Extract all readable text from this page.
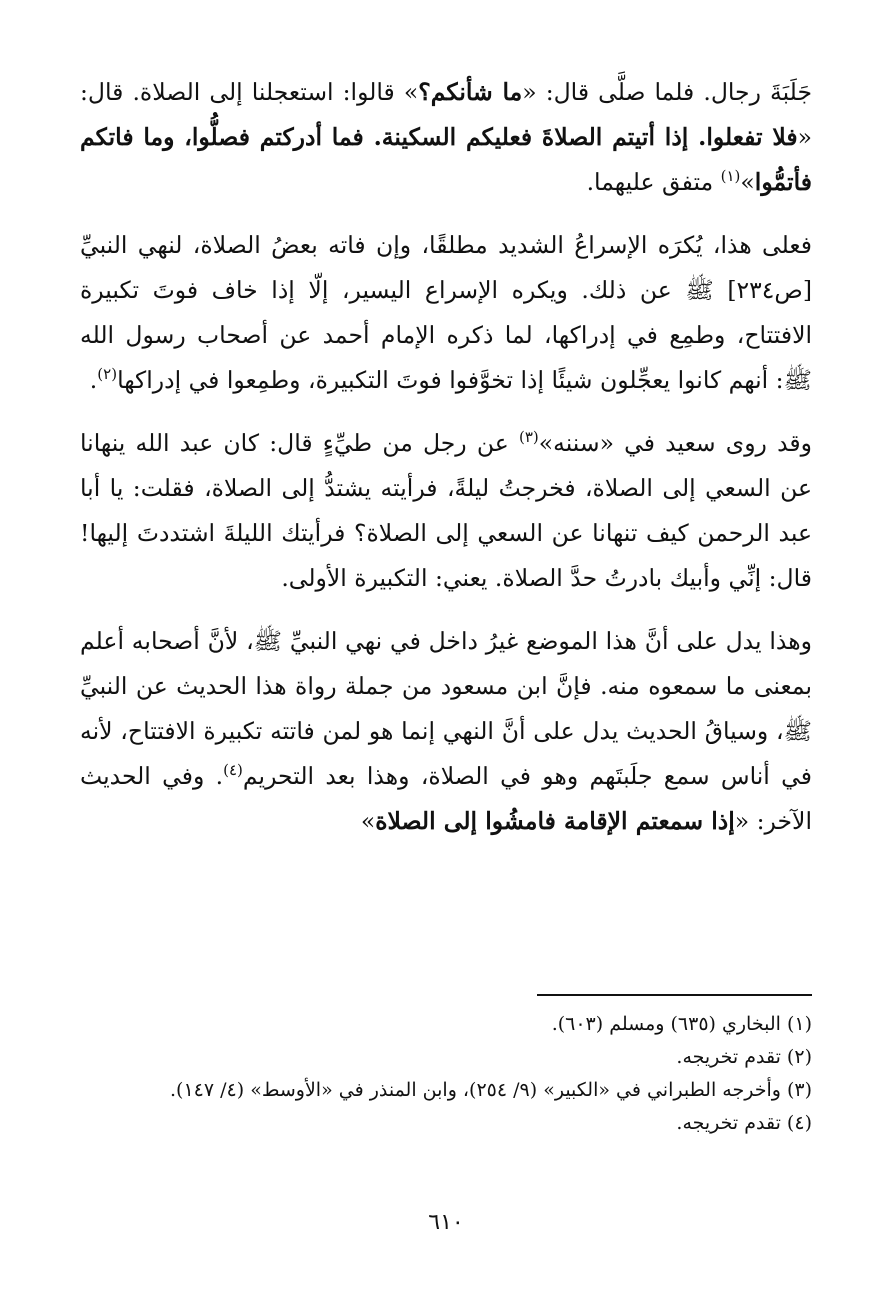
جَلَبَةَ رجال. فلما صلَّى قال: «ما شأنكم؟» قالوا: استعجلنا إلى الصلاة. قال: «فلا تفعلوا. إذا أتيتم الصلاةَ فعليكم السكينة. فما أدركتم فصلُّوا، وما فاتكم فأتمُّوا»$^{(١)}$ متفق عليهما.

فعلى هذا، يُكرَه الإسراعُ الشديد مطلقًا، وإن فاته بعضُ الصلاة، لنهي النبيِّ [ص٢٣٤] ﷺ عن ذلك. ويكره الإسراع اليسير، إلّا إذا خاف فوتَ تكبيرة الافتتاح، وطمِع في إدراكها، لما ذكره الإمام أحمد عن أصحاب رسول الله ﷺ: أنهم كانوا يعجِّلون شيئًا إذا تخوَّفوا فوتَ التكبيرة، وطمِعوا في إدراكها$^{(٢)}$.

وقد روى سعيد في «سننه»$^{(٣)}$ عن رجل من طيِّءٍ قال: كان عبد الله ينهانا عن السعي إلى الصلاة، فخرجتُ ليلةً، فرأيته يشتدُّ إلى الصلاة، فقلت: يا أبا عبد الرحمن كيف تنهانا عن السعي إلى الصلاة؟ فرأيتك الليلةَ اشتددتَ إليها! قال: إنِّي وأبيك بادرتُ حدَّ الصلاة. يعني: التكبيرة الأولى.

وهذا يدل على أنَّ هذا الموضع غيرُ داخل في نهي النبيِّ ﷺ، لأنَّ أصحابه أعلم بمعنى ما سمعوه منه. فإنَّ ابن مسعود من جملة رواة هذا الحديث عن النبيِّ ﷺ، وسياقُ الحديث يدل على أنَّ النهي إنما هو لمن فاتته تكبيرة الافتتاح، لأنه في أناس سمع جلَبتَهم وهو في الصلاة، وهذا بعد التحريم$^{(٤)}$. وفي الحديث الآخر: «إذا سمعتم الإقامة فامشُوا إلى الصلاة»

(١) البخاري (٦٣٥) ومسلم (٦٠٣).
(٢) تقدم تخريجه.
(٣) وأخرجه الطبراني في «الكبير» (٩/ ٢٥٤)، وابن المنذر في «الأوسط» (٤/ ١٤٧).
(٤) تقدم تخريجه.
٦١٠
